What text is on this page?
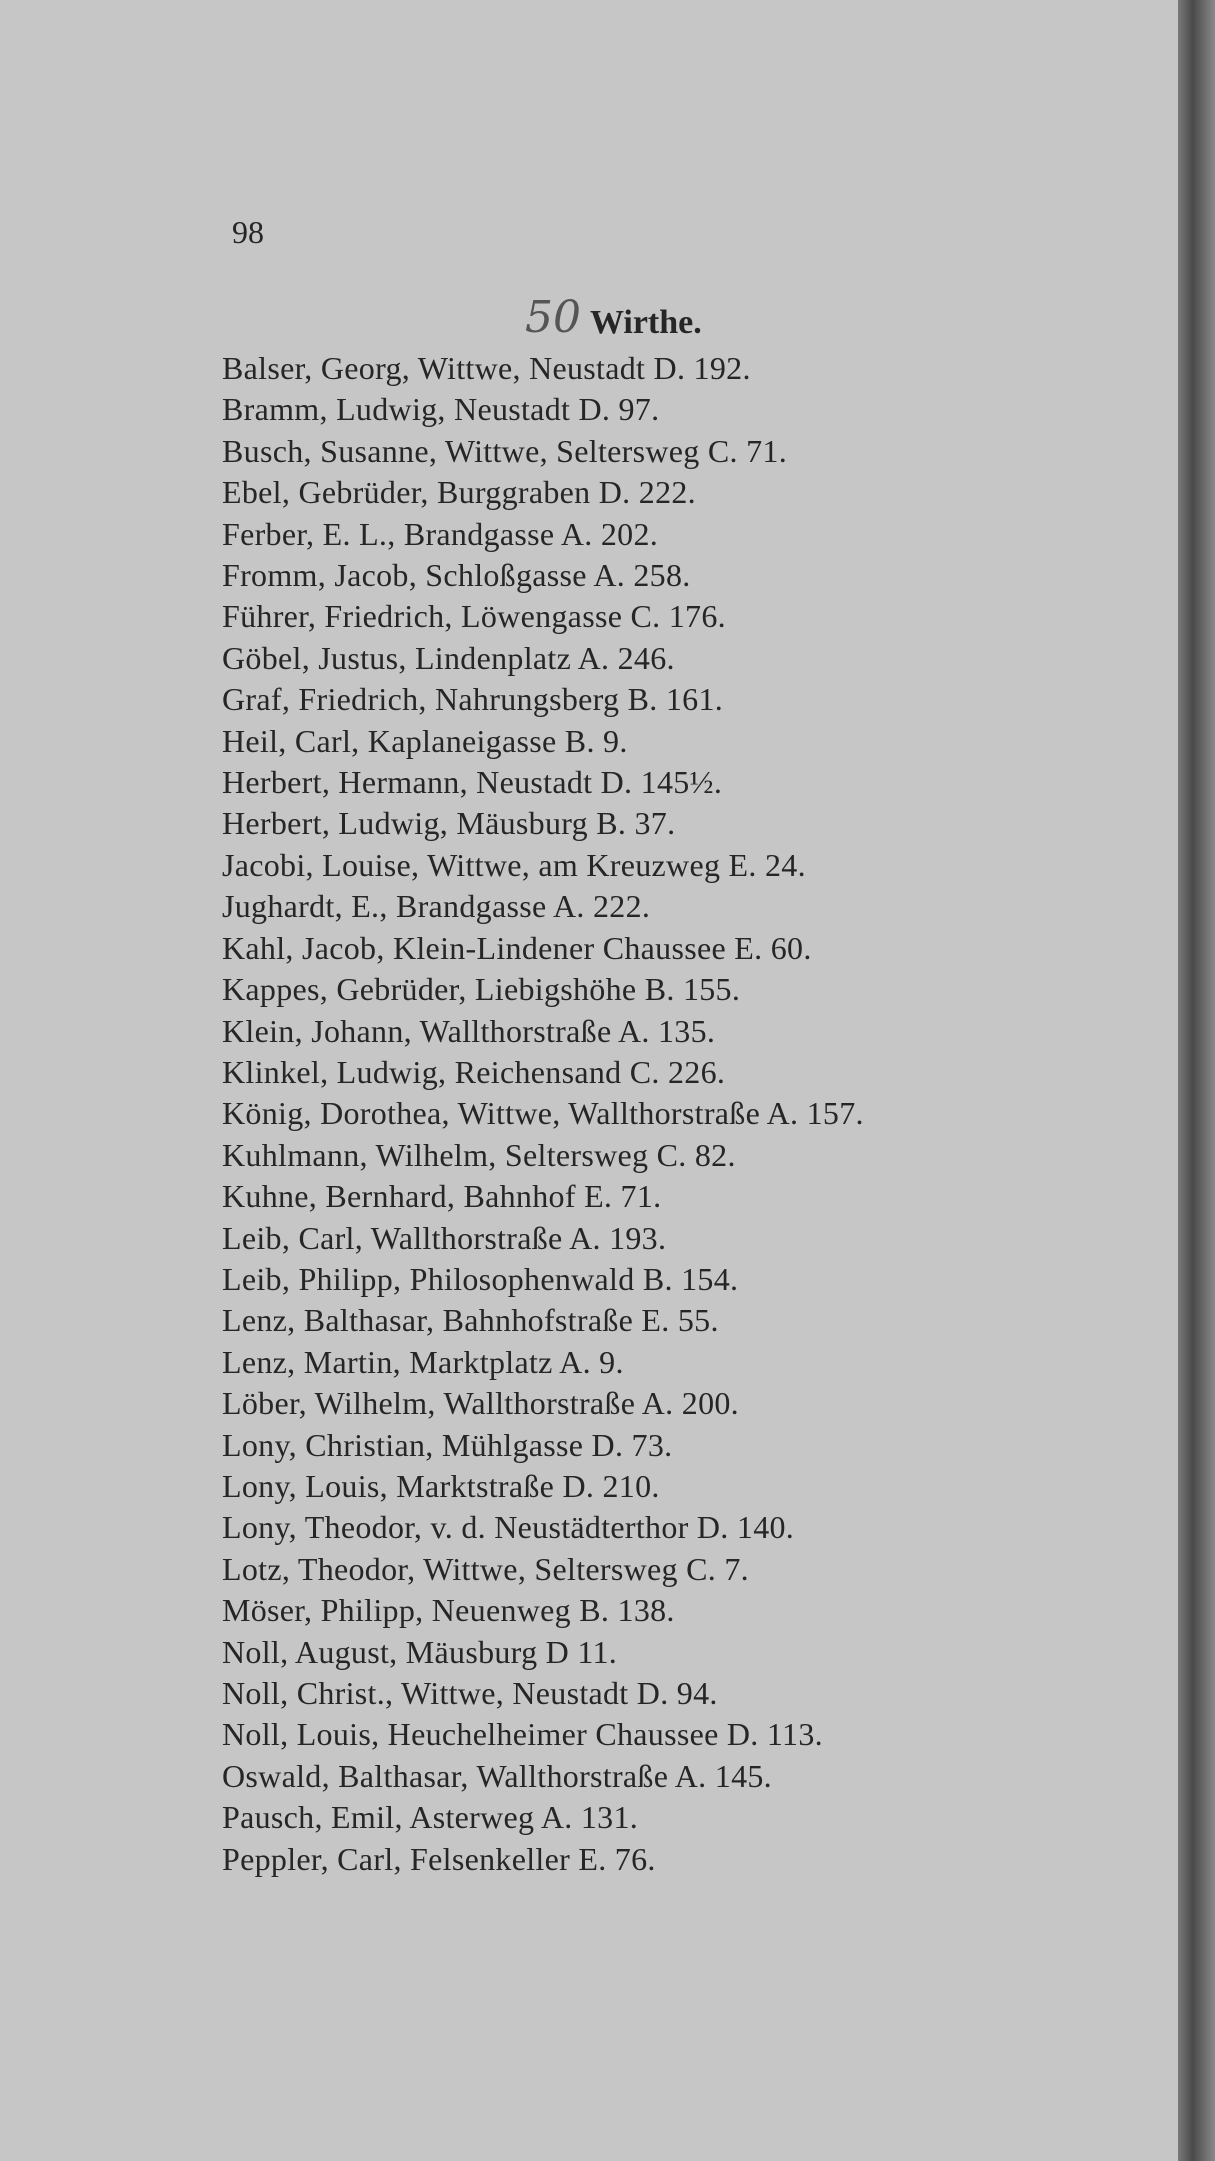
98
50 Wirthe.
Balser, Georg, Wittwe, Neustadt D. 192.
Bramm, Ludwig, Neustadt D. 97.
Busch, Susanne, Wittwe, Seltersweg C. 71.
Ebel, Gebrüder, Burggraben D. 222.
Ferber, E. L., Brandgasse A. 202.
Fromm, Jacob, Schloßgasse A. 258.
Führer, Friedrich, Löwengasse C. 176.
Göbel, Justus, Lindenplatz A. 246.
Graf, Friedrich, Nahrungsberg B. 161.
Heil, Carl, Kaplaneigasse B. 9.
Herbert, Hermann, Neustadt D. 145½.
Herbert, Ludwig, Mäusburg B. 37.
Jacobi, Louise, Wittwe, am Kreuzweg E. 24.
Jughardt, E., Brandgasse A. 222.
Kahl, Jacob, Klein-Lindener Chaussee E. 60.
Kappes, Gebrüder, Liebigshöhe B. 155.
Klein, Johann, Wallthorstraße A. 135.
Klinkel, Ludwig, Reichensand C. 226.
König, Dorothea, Wittwe, Wallthorstraße A. 157.
Kuhlmann, Wilhelm, Seltersweg C. 82.
Kuhne, Bernhard, Bahnhof E. 71.
Leib, Carl, Wallthorstraße A. 193.
Leib, Philipp, Philosophenwald B. 154.
Lenz, Balthasar, Bahnhofstraße E. 55.
Lenz, Martin, Marktplatz A. 9.
Löber, Wilhelm, Wallthorstraße A. 200.
Lony, Christian, Mühlgasse D. 73.
Lony, Louis, Marktstraße D. 210.
Lony, Theodor, v. d. Neustädterthor D. 140.
Lotz, Theodor, Wittwe, Seltersweg C. 7.
Möser, Philipp, Neuenweg B. 138.
Noll, August, Mäusburg D 11.
Noll, Christ., Wittwe, Neustadt D. 94.
Noll, Louis, Heuchelheimer Chaussee D. 113.
Oswald, Balthasar, Wallthorstraße A. 145.
Pausch, Emil, Asterweg A. 131.
Peppler, Carl, Felsenkeller E. 76.
